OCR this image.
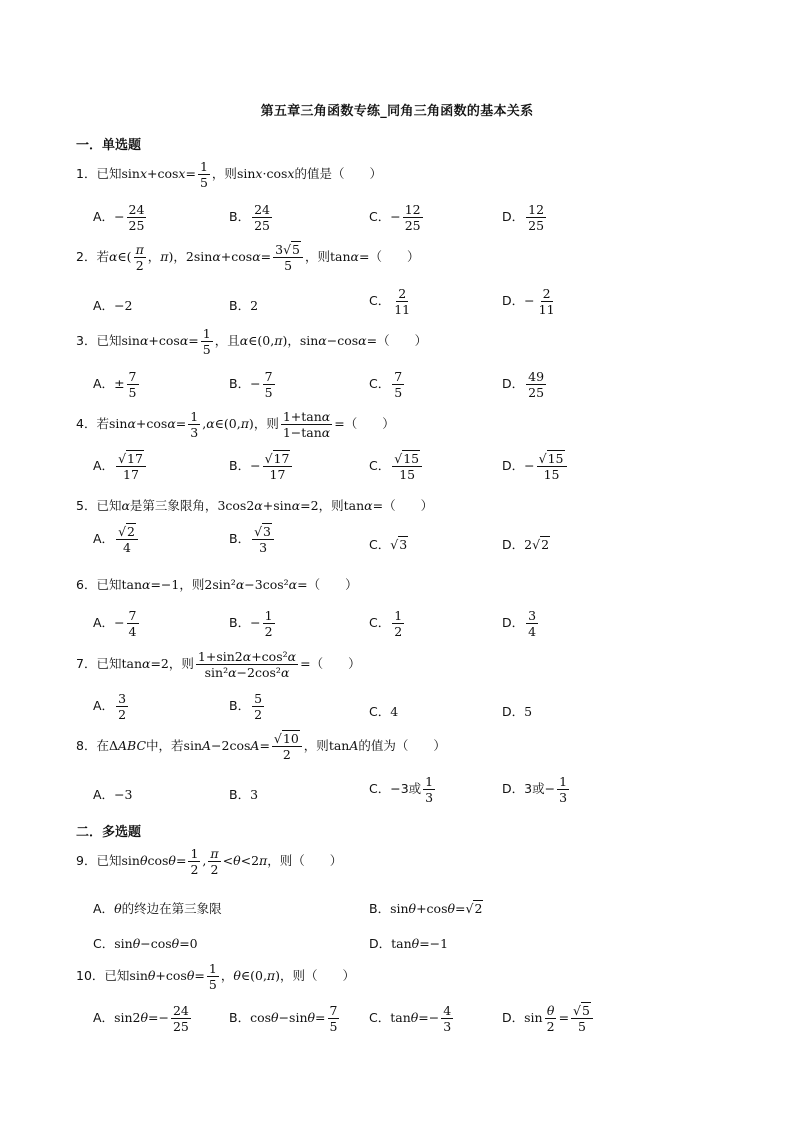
第五章三角函数专练_同角三角函数的基本关系
一．单选题
1．已知$\sin x+\cos x= \frac{1}{5}$ ，则sinx·cosx的值是（　　）
A．− $\frac{24}{25}$	B． $\frac{24}{25}$	C．− $\frac{12}{25}$	D． $\frac{12}{25}$
2．若α∈( $\frac{\pi}{2}$ ，π)，$2\sin\alpha+\cos\alpha= \frac{3√5}{5}$ ，则tanα=（　　）
A．−2	B．2	C． $\frac{2}{11}$	D．− $\frac{2}{11}$
3．已知$\sin\alpha+\cos\alpha= \frac{1}{5}$ ，且α∈(0,π)，sinα−cosα=（　　）
A．± $\frac{7}{5}$	B．− $\frac{7}{5}$	C． $\frac{7}{5}$	D． $\frac{49}{25}$
4．若$\sin\alpha+\cos\alpha= \frac{1}{3}$ ,α∈(0,π)，则 $\frac{1+\tan\alpha}{1-\tan\alpha}$ =（　　）
A． $\frac{√17}{17}$	B．− $\frac{√17}{17}$	C． $\frac{√15}{15}$	D．− $\frac{√15}{15}$
5．已知α是第三象限角，3cos2α+sinα=2，则tanα=（　　）
A． $\frac{√2}{4}$	B． $\frac{√3}{3}$	C．√3	D．2√2
6．已知tanα=−1，则2sin²α−3cos²α=（　　）
A．− $\frac{7}{4}$	B．− $\frac{1}{2}$	C． $\frac{1}{2}$	D． $\frac{3}{4}$
7．已知tanα=2，则 $\frac{\text{1+sin2α+cos²α}}{\text{sin²α−2cos²α}}$ =（　　）
A． $\frac{3}{2}$	B． $\frac{5}{2}$	C．4	D．5
8．在ΔABC中，若$\sin A-2\cos A= \frac{√10}{2}$ ，则tanA的值为（　　）
A．−3	B．3	C．−3或 $\frac{1}{3}$	D．3或− $\frac{1}{3}$
二．多选题
9．已知$\sin\theta\cos\theta= \frac{1}{2}$ , $\frac{\pi}{2} <\theta<2\pi$，则（　　）
A．θ的终边在第三象限	B．sinθ+cosθ=√2
C．sinθ−cosθ=0	D．tanθ=−1
10．已知$\sin\theta+\cos\theta= \frac{1}{5}$ ，θ∈(0,π)，则（　　）
A．$\sin 2\theta=- \frac{24}{25}$	B．$\cos\theta-\sin\theta= \frac{7}{5}$ C．$\tan\theta=- \frac{4}{3}$	D．$\sin \frac{\theta}{2} = \frac{√5}{5}$
